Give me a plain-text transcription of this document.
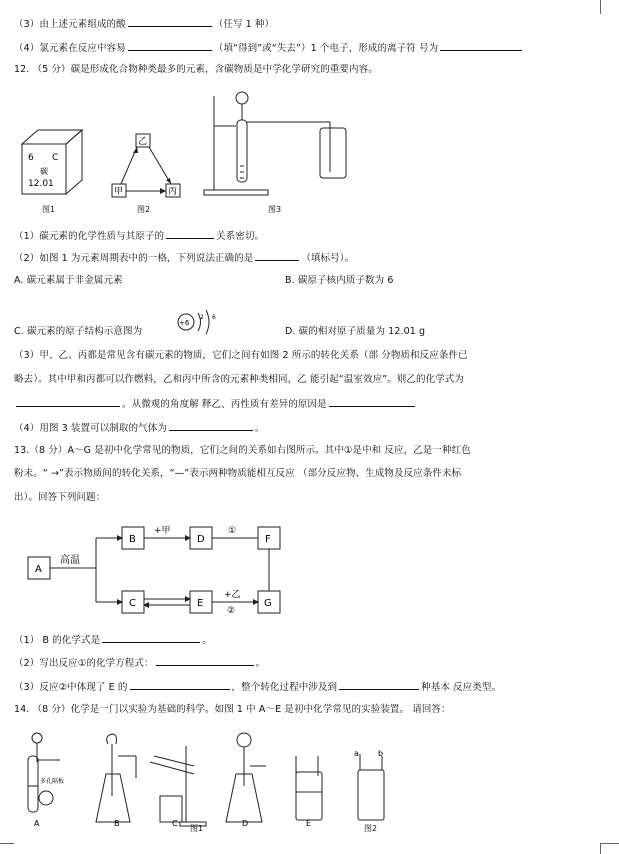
（3）由上述元素组成的酸	（任写 1 种）
（4）氯元素在反应中容易	（填“得到”或“失去”）1 个电子，形成的离子符 号为
12. （5 分）碳是形成化合物种类最多的元素，含碳物质是中学化学研究的重要内容。
6 C
碳
12.01
乙
甲	丙
图1	图2	图3
（1）碳元素的化学性质与其原子的	关系密切。
（2）如图 1 为元素周期表中的一格，下列说法正确的是	（填标号）。
A. 碳元素属于非金属元素	B. 碳原子核内质子数为 6
+6
2 6
C. 碳元素的原子结构示意图为	D. 碳的相对原子质量为 12.01 g
（3）甲、乙、丙都是常见含有碳元素的物质，它们之间有如图 2 所示的转化关系（部 分物质和反应条件已
略去）。其中甲和丙都可以作燃料，乙和丙中所含的元素种类相同，乙 能引起“温室效应”。则乙的化学式为
。从微观的角度解 释乙、丙性质有差异的原因是
（4）用图 3 装置可以制取的气体为	。
13.（8 分）A～G 是初中化学常见的物质，它们之间的关系如右图所示。其中①是中和 反应，乙是一种红色
粉末。“ →”表示物质间的转化关系，“—”表示两种物质能相互反应 （部分反应物、生成物及反应条件未标
出）。回答下列问题：
A
B	D	F
C	E	G
高温
+甲	①
+乙
②
（1） B 的化学式是	。
（2）写出反应①的化学方程式：	。
（3）反应②中体现了 E 的	，整个转化过程中涉及到	种基本 反应类型。
14. （8 分）化学是一门以实验为基础的科学。如图 1 中 A～E 是初中化学常见的实验装置。 请回答：
多孔隔板
A	B	C	D	E
a b
图1	图2
